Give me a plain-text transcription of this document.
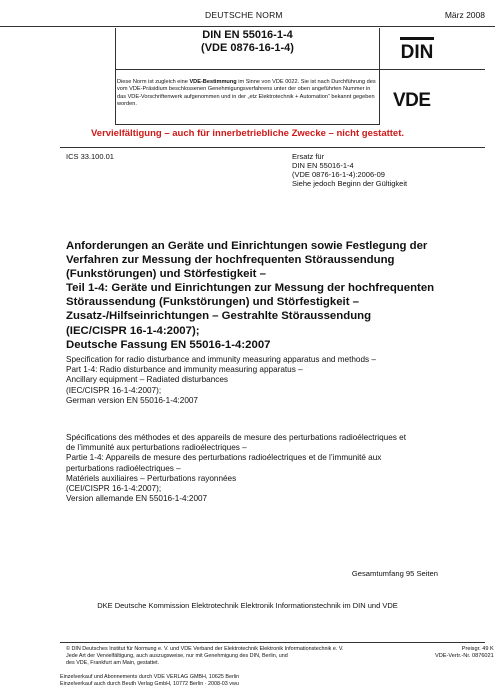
DEUTSCHE NORM	März 2008
DIN EN 55016-1-4
(VDE 0876-16-1-4)	DIN
Diese Norm ist zugleich eine VDE-Bestimmung im Sinne von VDE 0022. Sie ist nach Durchführung des vom VDE-Präsidium beschlossenen Genehmigungsverfahrens unter der oben angeführten Nummer in das VDE-Vorschriftenwerk aufgenommen und in der „etz Elektrotechnik + Automation“ bekannt gegeben worden.	VDE
Vervielfältigung – auch für innerbetriebliche Zwecke – nicht gestattet.
ICS 33.100.01	Ersatz für
DIN EN 55016-1-4
(VDE 0876-16-1-4):2006-09
Siehe jedoch Beginn der Gültigkeit
Anforderungen an Geräte und Einrichtungen sowie Festlegung der
Verfahren zur Messung der hochfrequenten Störaussendung
(Funkstörungen) und Störfestigkeit –
Teil 1-4: Geräte und Einrichtungen zur Messung der hochfrequenten
Störaussendung (Funkstörungen) und Störfestigkeit –
Zusatz-/Hilfseinrichtungen – Gestrahlte Störaussendung
(IEC/CISPR 16-1-4:2007);
Deutsche Fassung EN 55016-1-4:2007
Specification for radio disturbance and immunity measuring apparatus and methods –
Part 1-4: Radio disturbance and immunity measuring apparatus –
Ancillary equipment – Radiated disturbances
(IEC/CISPR 16-1-4:2007);
German version EN 55016-1-4:2007
Spécifications des méthodes et des appareils de mesure des perturbations radioélectriques et
de l’immunité aux perturbations radioélectriques –
Partie 1-4: Appareils de mesure des perturbations radioélectriques et de l’immunité aux
perturbations radioélectriques –
Matériels auxiliaires – Perturbations rayonnées
(CEI/CISPR 16-1-4:2007);
Version allemande EN 55016-1-4:2007
Gesamtumfang 95 Seiten
DKE Deutsche Kommission Elektrotechnik Elektronik Informationstechnik im DIN und VDE
© DIN Deutsches Institut für Normung e. V. und VDE Verband der Elektrotechnik Elektronik Informationstechnik e. V.
Jede Art der Vervielfältigung, auch auszugsweise, nur mit Genehmigung des DIN, Berlin, und
des VDE, Frankfurt am Main, gestattet.
Preisgr. 49 K
VDE-Vertr.-Nr. 0876021
Einzelverkauf und Abonnements durch VDE VERLAG GMBH, 10625 Berlin
Einzelverkauf auch durch Beuth Verlag GmbH, 10772 Berlin · 2008-03 vwu
